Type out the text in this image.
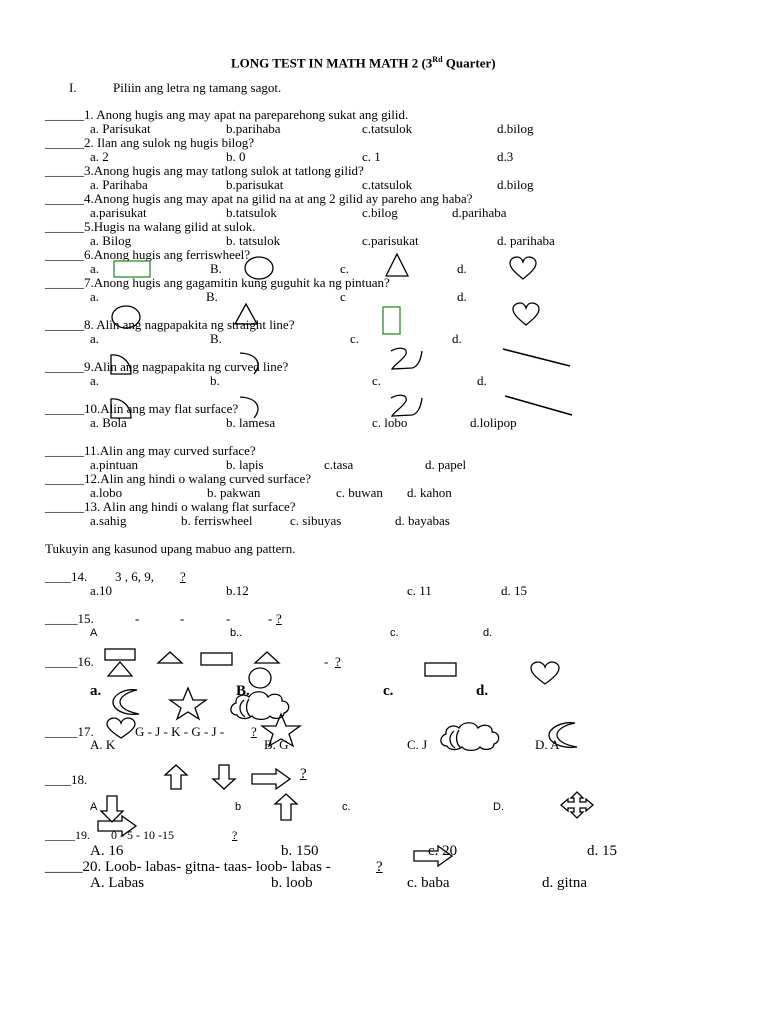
LONG TEST IN MATH MATH 2 (3Rd Quarter)
I.	Piliin ang letra ng tamang sagot.
______1. Anong hugis ang may apat na pareparehong sukat ang gilid.
a. Parisukat	b.parihaba	c.tatsulok	d.bilog
______2. Ilan ang sulok ng hugis bilog?
a. 2	b. 0	c. 1	d.3
______3.Anong hugis ang may tatlong sulok at tatlong gilid?
a. Parihaba	b.parisukat	c.tatsulok	d.bilog
______4.Anong hugis ang may apat na gilid na at ang 2 gilid ay pareho ang haba?
a.parisukat	b.tatsulok	c.bilog	d.parihaba
______5.Hugis na walang gilid at sulok.
a. Bilog	b. tatsulok	c.parisukat	d. parihaba
______6.Anong hugis ang ferriswheel?
a.	B.	c.	d.
______7.Anong hugis ang gagamitin kung guguhit ka ng pintuan?
a.	B.	c	d.
______8. Alin ang nagpapakita ng straight line?
a.	B.	c.	d.
______9.Alin ang nagpapakita ng curved line?
a.	b.	c.	d.
______10.Alin ang may flat surface?
a. Bola	b. lamesa	c. lobo	d.lolipop
______11.Alin ang may curved surface?
a.pintuan	b. lapis	c.tasa	d. papel
______12.Alin ang hindi o walang curved surface?
a.lobo	b. pakwan	c. buwan d. kahon
______13. Alin ang hindi o walang flat surface?
a.sahig	b. ferriswheel	c. sibuyas	d. bayabas
Tukuyin ang kasunod upang mabuo ang pattern.
____14. 3 , 6, 9, ?
a.10	b.12	c. 11	d. 15
_____15.	-	-	-	- ?
A	b..	c.	d.
_____16.	- ?
a.	B.	c.	d.
_____17.	G - J - K - G - J - ?
A. K	B. G	C. J	D. A
____18.	?
A	b	c.	D.
_____19. 0 - 5 - 10 -15	?
A. 16	b. 150	c. 20	d. 15
_____20. Loob- labas- gitna- taas- loob- labas -	?
A. Labas	b. loob	c. baba	d. gitna
